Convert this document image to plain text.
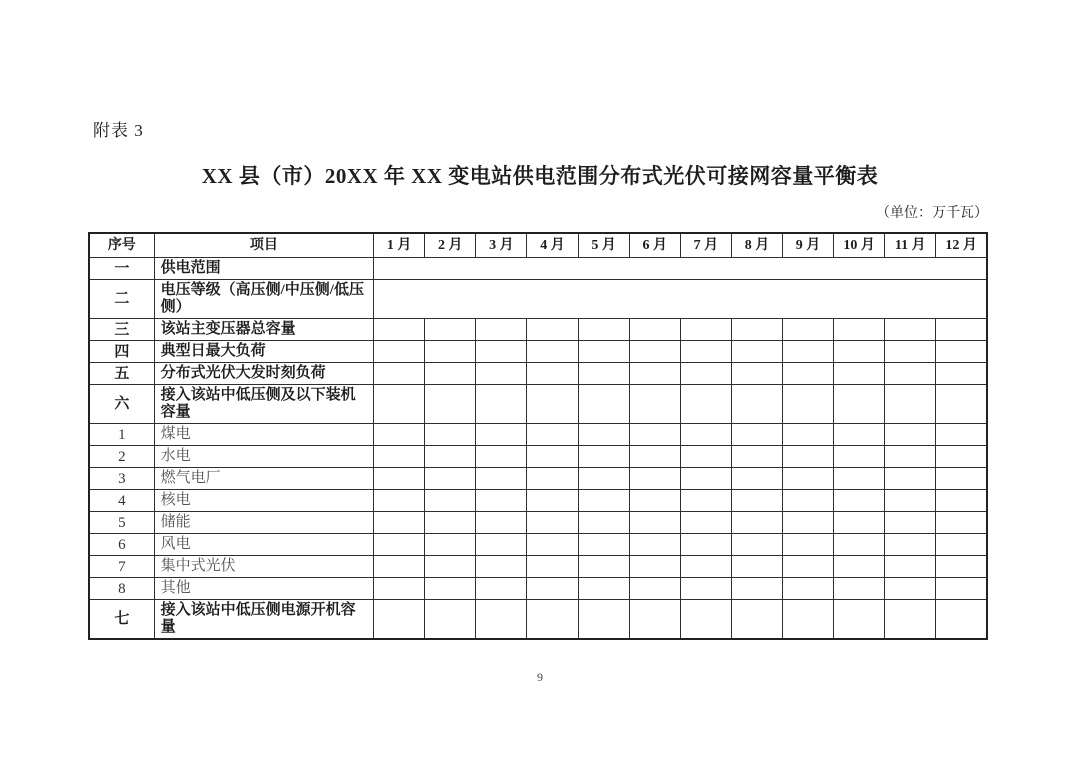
附表 3
XX 县（市）20XX 年 XX 变电站供电范围分布式光伏可接网容量平衡表
（单位：万千瓦）
序号	项目	1 月	2 月	3 月	4 月	5 月	6 月	7 月	8 月	9 月	10 月	11 月	12 月
一	供电范围												
二	电压等级（高压侧/中压侧/低压侧）												
三	该站主变压器总容量												
四	典型日最大负荷												
五	分布式光伏大发时刻负荷												
六	接入该站中低压侧及以下装机容量												
1	煤电												
2	水电												
3	燃气电厂												
4	核电												
5	储能												
6	风电												
7	集中式光伏												
8	其他												
七	接入该站中低压侧电源开机容量												
9
